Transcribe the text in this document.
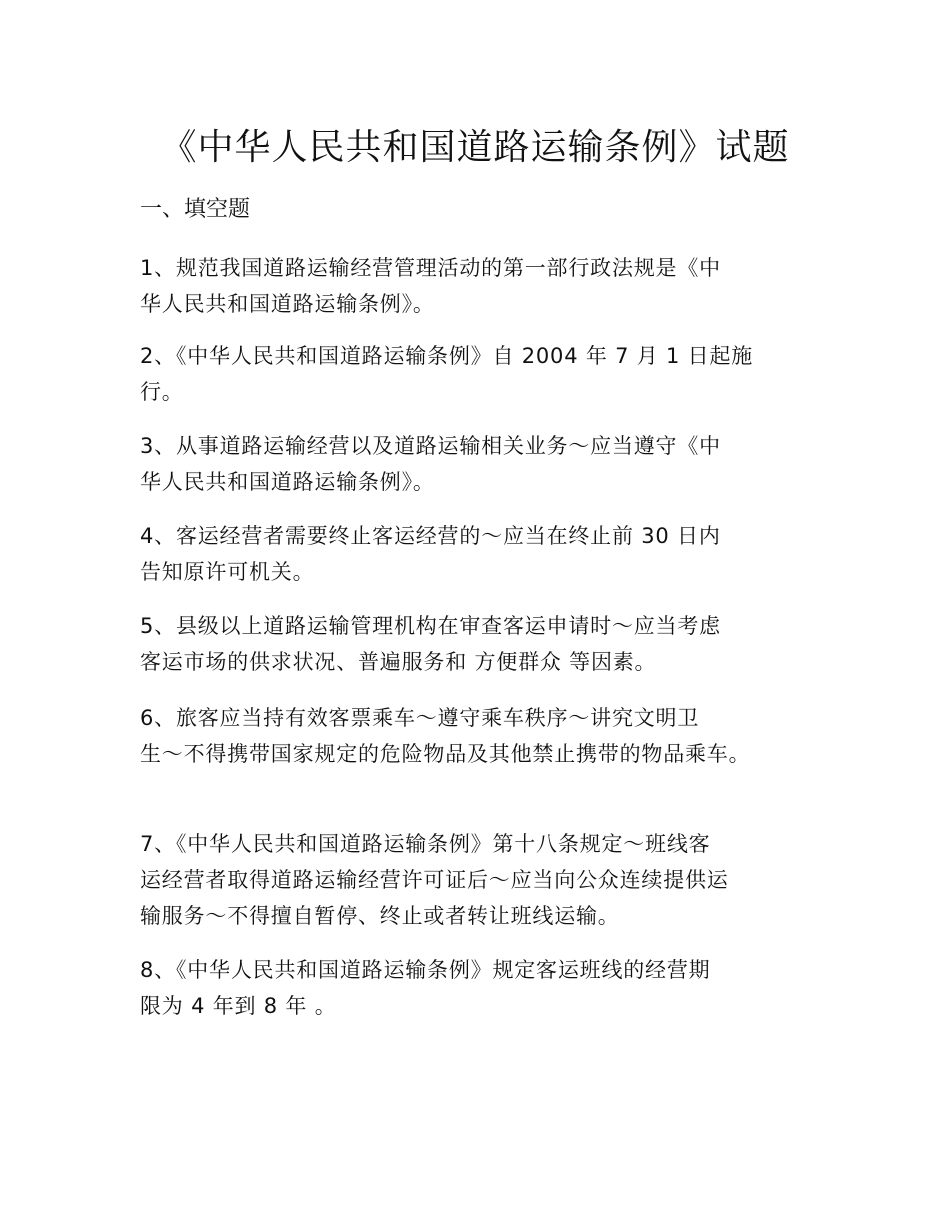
《中华人民共和国道路运输条例》试题
一、填空题
1、规范我国道路运输经营管理活动的第一部行政法规是《中
华人民共和国道路运输条例》。
2、《中华人民共和国道路运输条例》自 2004 年 7 月 1 日起施
行。
3、从事道路运输经营以及道路运输相关业务～应当遵守《中
华人民共和国道路运输条例》。
4、客运经营者需要终止客运经营的～应当在终止前 30 日内
告知原许可机关。
5、县级以上道路运输管理机构在审查客运申请时～应当考虑
客运市场的供求状况、普遍服务和 方便群众 等因素。
6、旅客应当持有效客票乘车～遵守乘车秩序～讲究文明卫
生～不得携带国家规定的危险物品及其他禁止携带的物品乘车。
7、《中华人民共和国道路运输条例》第十八条规定～班线客
运经营者取得道路运输经营许可证后～应当向公众连续提供运
输服务～不得擅自暂停、终止或者转让班线运输。
8、《中华人民共和国道路运输条例》规定客运班线的经营期
限为 4 年到 8 年 。
